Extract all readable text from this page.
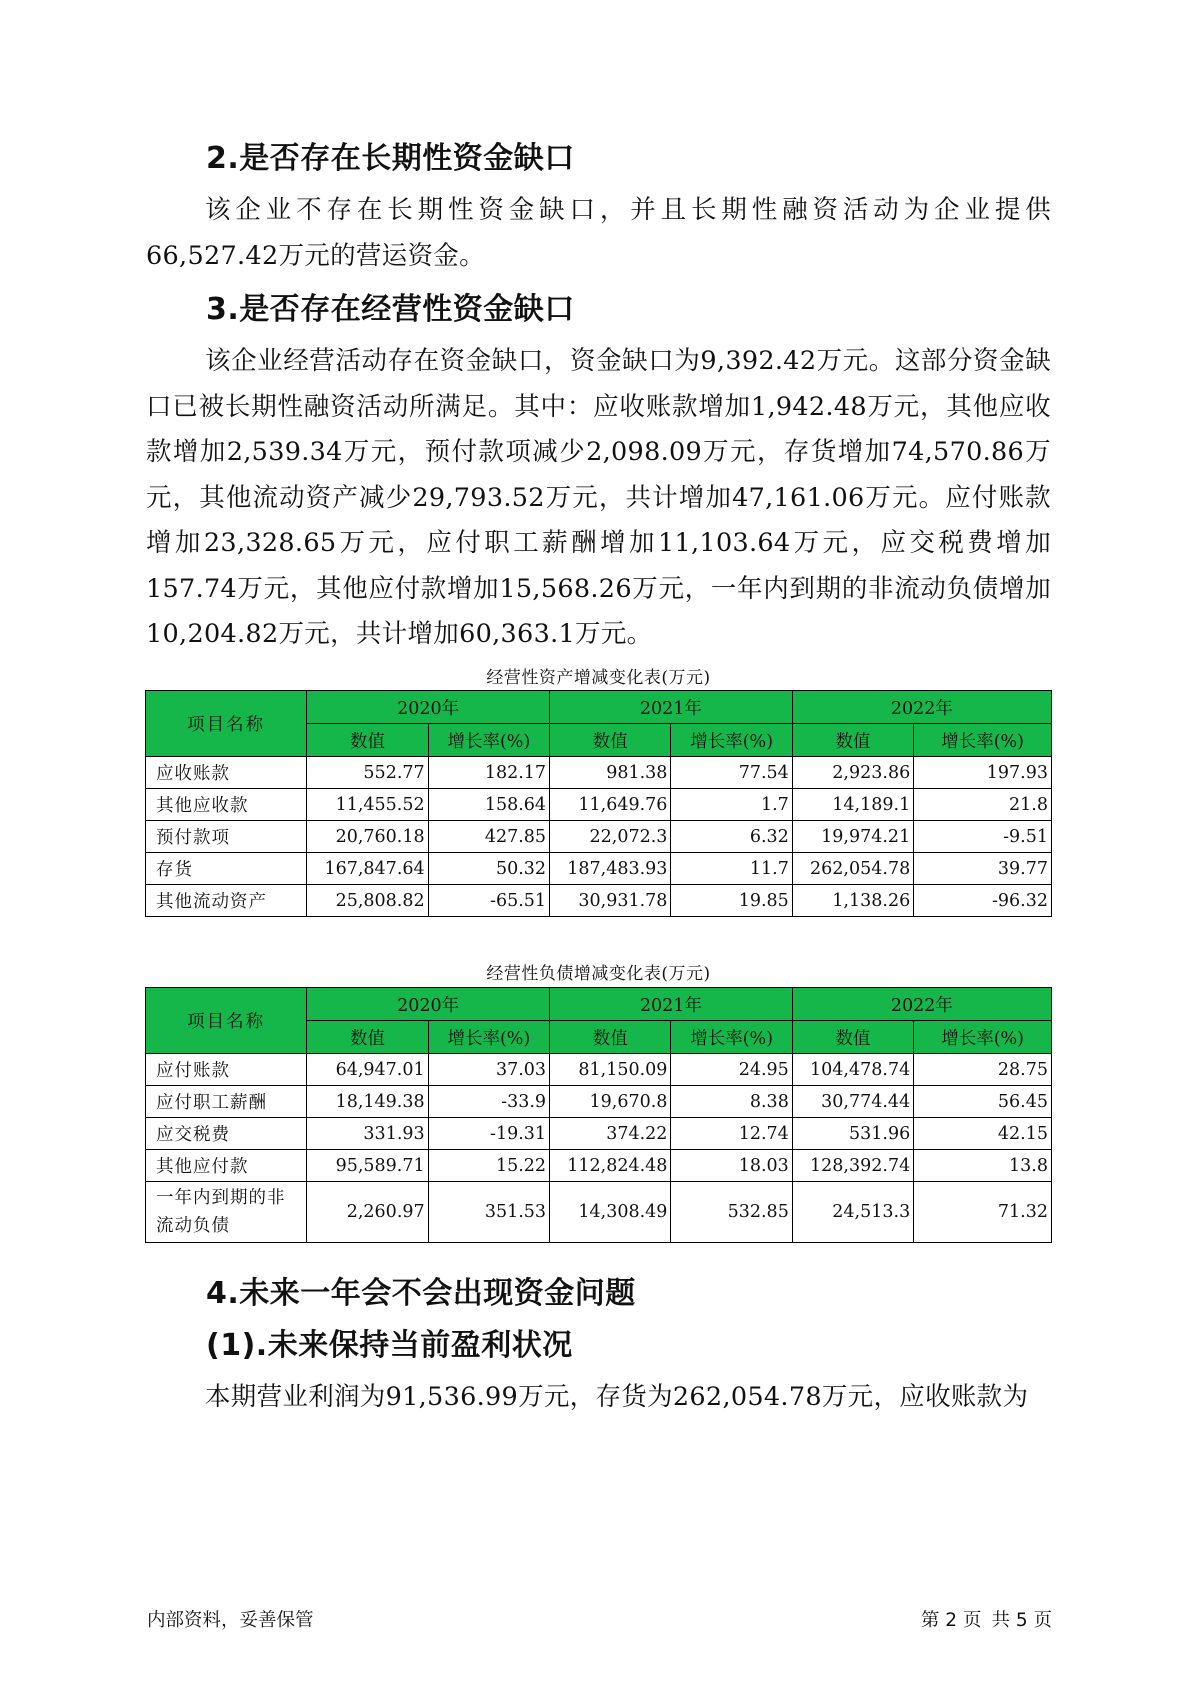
2.是否存在长期性资金缺口
该企业不存在长期性资金缺口，并且长期性融资活动为企业提供66,527.42万元的营运资金。
3.是否存在经营性资金缺口
该企业经营活动存在资金缺口，资金缺口为9,392.42万元。这部分资金缺口已被长期性融资活动所满足。其中：应收账款增加1,942.48万元，其他应收款增加2,539.34万元，预付款项减少2,098.09万元，存货增加74,570.86万元，其他流动资产减少29,793.52万元，共计增加47,161.06万元。应付账款增加23,328.65万元，应付职工薪酬增加11,103.64万元，应交税费增加157.74万元，其他应付款增加15,568.26万元，一年内到期的非流动负债增加10,204.82万元，共计增加60,363.1万元。
经营性资产增减变化表(万元)
项目名称	2020年		2021年		2022年	
	数值	增长率(%)	数值	增长率(%)	数值	增长率(%)
应收账款	552.77	182.17	981.38	77.54	2,923.86	197.93
其他应收款	11,455.52	158.64	11,649.76	1.7	14,189.1	21.8
预付款项	20,760.18	427.85	22,072.3	6.32	19,974.21	-9.51
存货	167,847.64	50.32	187,483.93	11.7	262,054.78	39.77
其他流动资产	25,808.82	-65.51	30,931.78	19.85	1,138.26	-96.32
经营性负债增减变化表(万元)
项目名称	2020年		2021年		2022年	
	数值	增长率(%)	数值	增长率(%)	数值	增长率(%)
应付账款	64,947.01	37.03	81,150.09	24.95	104,478.74	28.75
应付职工薪酬	18,149.38	-33.9	19,670.8	8.38	30,774.44	56.45
应交税费	331.93	-19.31	374.22	12.74	531.96	42.15
其他应付款	95,589.71	15.22	112,824.48	18.03	128,392.74	13.8
一年内到期的非流动负债	2,260.97	351.53	14,308.49	532.85	24,513.3	71.32
4.未来一年会不会出现资金问题
(1).未来保持当前盈利状况
本期营业利润为91,536.99万元，存货为262,054.78万元，应收账款为
内部资料，妥善保管	第 2 页 共 5 页
